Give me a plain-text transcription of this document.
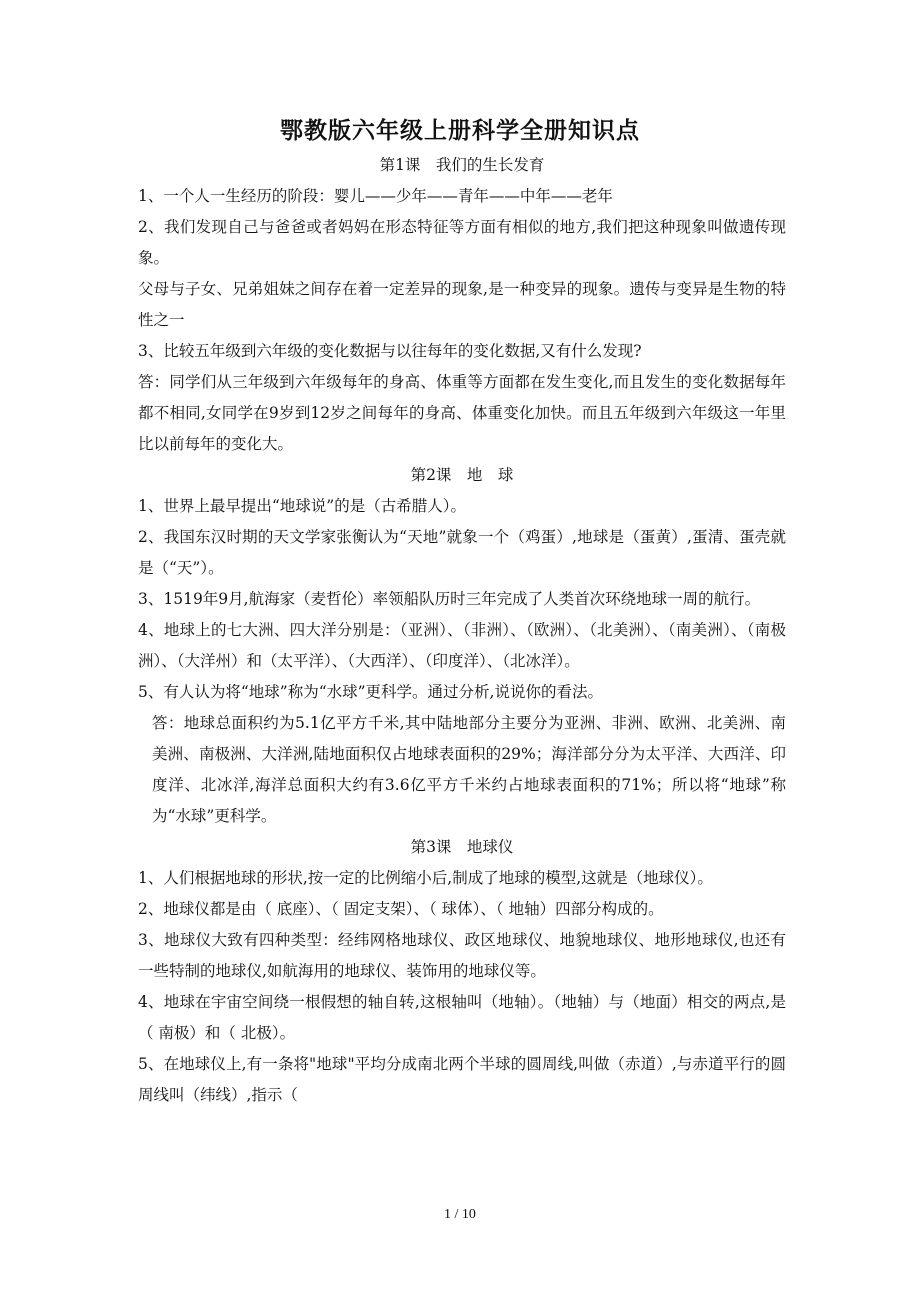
鄂教版六年级上册科学全册知识点

第1课　我们的生长发育

1、一个人一生经历的阶段：婴儿——少年——青年——中年——老年

2、我们发现自己与爸爸或者妈妈在形态特征等方面有相似的地方,我们把这种现象叫做遗传现象。

父母与子女、兄弟姐妹之间存在着一定差异的现象,是一种变异的现象。遗传与变异是生物的特性之一

3、比较五年级到六年级的变化数据与以往每年的变化数据,又有什么发现?

答：同学们从三年级到六年级每年的身高、体重等方面都在发生变化,而且发生的变化数据每年都不相同,女同学在9岁到12岁之间每年的身高、体重变化加快。而且五年级到六年级这一年里比以前每年的变化大。

第2课　地　球

1、世界上最早提出“地球说”的是（古希腊人）。

2、我国东汉时期的天文学家张衡认为“天地”就象一个（鸡蛋）,地球是（蛋黄）,蛋清、蛋壳就是（“天”）。

3、1519年9月,航海家（麦哲伦）率领船队历时三年完成了人类首次环绕地球一周的航行。

4、地球上的七大洲、四大洋分别是：（亚洲）、（非洲）、（欧洲）、（北美洲）、（南美洲）、（南极洲）、（大洋州）和（太平洋）、（大西洋）、（印度洋）、（北冰洋）。

5、有人认为将“地球”称为“水球”更科学。通过分析,说说你的看法。

答：地球总面积约为5.1亿平方千米,其中陆地部分主要分为亚洲、非洲、欧洲、北美洲、南美洲、南极洲、大洋洲,陆地面积仅占地球表面积的29%；海洋部分分为太平洋、大西洋、印度洋、北冰洋,海洋总面积大约有3.6亿平方千米约占地球表面积的71%；所以将“地球”称为“水球”更科学。

第3课　地球仪

1、人们根据地球的形状,按一定的比例缩小后,制成了地球的模型,这就是（地球仪）。

2、地球仪都是由（ 底座）、（ 固定支架）、（ 球体）、（ 地轴）四部分构成的。

3、地球仪大致有四种类型：经纬网格地球仪、政区地球仪、地貌地球仪、地形地球仪,也还有一些特制的地球仪,如航海用的地球仪、装饰用的地球仪等。

4、地球在宇宙空间绕一根假想的轴自转,这根轴叫（地轴）。（地轴）与（地面）相交的两点,是（ 南极）和（ 北极）。

5、在地球仪上,有一条将"地球"平均分成南北两个半球的圆周线,叫做（赤道）,与赤道平行的圆周线叫（纬线）,指示（

1 / 10
